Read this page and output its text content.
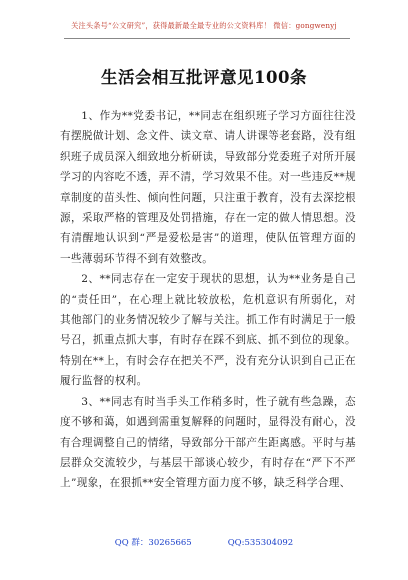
关注头条号“公文研究”，获得最新最全最专业的公文资料库！ 微信：gongwenyj
生活会相互批评意见100条

1、作为**党委书记，**同志在组织班子学习方面往往没有摆脱做计划、念文件、读文章、请人讲课等老套路，没有组织班子成员深入细致地分析研读，导致部分党委班子对所开展学习的内容吃不透，弄不清，学习效果不佳。对一些违反**规章制度的苗头性、倾向性问题，只注重于教育，没有去深挖根源，采取严格的管理及处罚措施，存在一定的做人情思想。没有清醒地认识到“严是爱松是害”的道理，使队伍管理方面的一些薄弱环节得不到有效整改。

2、**同志存在一定安于现状的思想，认为**业务是自己的“责任田”，在心理上就比较放松，危机意识有所弱化，对其他部门的业务情况较少了解与关注。抓工作有时满足于一般号召，抓重点抓大事，有时存在踩不到底、抓不到位的现象。特别在**上，有时会存在把关不严，没有充分认识到自己正在履行监督的权利。

3、**同志有时当手头工作稍多时，性子就有些急躁，态度不够和蔼，如遇到需重复解释的问题时，显得没有耐心，没有合理调整自己的情绪，导致部分干部产生距离感。平时与基层群众交流较少，与基层干部谈心较少，有时存在“严下不严上”现象，在狠抓**安全管理方面力度不够，缺乏科学合理、

QQ 群：30265665	QQ:535304092
